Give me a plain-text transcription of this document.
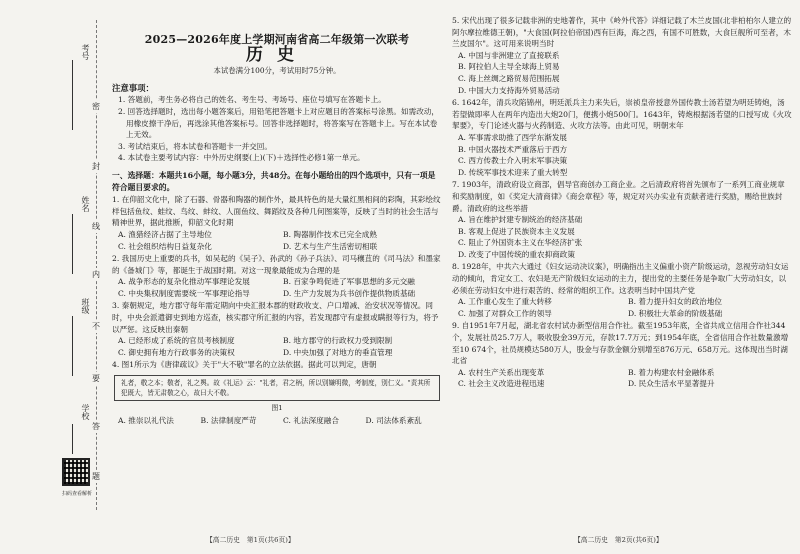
考号
姓名
班级
学校
密
封
线
内
不
要
答
题
扫码查看解析
2025—2026年度上学期河南省高二年级第一次联考
历史
本试卷满分100分，考试用时75分钟。
注意事项：
1. 答题前，考生务必将自己的姓名、考生号、考场号、座位号填写在答题卡上。
2. 回答选择题时，选出每小题答案后，用铅笔把答题卡上对应题目的答案标号涂黑。如需改动，用橡皮擦干净后，再选涂其他答案标号。回答非选择题时，将答案写在答题卡上。写在本试卷上无效。
3. 考试结束后，将本试卷和答题卡一并交回。
4. 本试卷主要考试内容：中外历史纲要(上)(下)＋选择性必修1第一单元。
一、选择题：本题共16小题，每小题3分，共48分。在每小题给出的四个选项中，只有一项是符合题目要求的。
1. 在仰韶文化中，除了石器、骨器和陶器的制作外，最具特色的是大量红黑相间的彩陶，其彩绘纹样包括鱼纹、蛙纹、鸟纹、蚌纹、人面鱼纹、舞蹈纹及各种几何图案等，反映了当时的社会生活与精神世界，据此推断，仰韶文化时期
A. 渔猎经济占据了主导地位	B. 陶器制作技术已完全成熟
C. 社会组织结构日益复杂化	D. 艺术与生产生活密切相联
2. 我国历史上重要的兵书，如吴起的《吴子》、孙武的《孙子兵法》、司马穰苴的《司马法》和墨家的《备城门》等，都诞生于战国时期。对这一现象最能成为合理的是
A. 战争形态的复杂化推动军事理论发展	B. 百家争鸣促进了军事思想的多元交融
C. 中央集权制度需要统一军事理论指导	D. 生产力发展为兵书创作提供物质基础
3. 秦朝规定，地方郡守每年需定期向中央汇报本郡的财政收支、户口增减、治安状况等情况。同时，中央会派遣御史到地方巡查，核实郡守所汇报的内容，若发现郡守有虚报或瞒报等行为，将予以严惩。这反映出秦朝
A. 已经形成了系统的官员考核制度	B. 地方郡守的行政权力受到限制
C. 御史拥有地方行政事务的决策权	D. 中央加强了对地方的垂直管理
4. 图1所示为《唐律疏议》关于"大不敬"罪名的立法依据。据此可以判定，唐朝
礼者，敬之本；敬者，礼之舆。故《礼运》云："礼者，君之柄，所以别嫌明微，考制度，别仁义。"责其所犯既大，皆无肃敬之心，故曰大不敬。
图1
A. 推崇以礼代法	B. 法律制度严苛	C. 礼法深度融合	D. 司法体系紊乱
5. 宋代出现了很多记载非洲的史地著作，其中《岭外代答》详细记载了木兰皮国(北非柏柏尔人建立的阿尔摩拉维德王朝)，"大食国(阿拉伯帝国)西有巨海，海之西，有国不可胜数，大食巨舰所可至者，木兰皮国尔"。这可用来说明当时
A. 中国与非洲建立了直接联系
B. 阿拉伯人主导全球海上贸易
C. 海上丝绸之路贸易范围拓展
D. 中国大力支持海外贸易活动
6. 1642年，清兵攻陷锦州，明廷派兵主力来失后，崇祯皇帝授意外国传教士汤若望为明廷铸炮，汤若望做即率人在两年内造出大炮20门，便携小炮500门。1643年，铸炮根据汤若望的口授写成《火攻挈要》，专门论述火器与火药制造、火攻方法等。由此可见，明朝末年
A. 军事需求助推了西学东渐发展
B. 中国火器技术严重落后于西方
C. 西方传教士介入明末军事决策
D. 传统军事技术迎来了重大转型
7. 1903年，清政府设立商部，倡导官商创办工商企业。之后清政府将首先颁布了一系列工商业规章和奖励制度，如《奖定大清商律》《商会章程》等，规定对兴办实业有贡献者进行奖励，赐给世族封爵。清政府的这些举措
A. 旨在维护封建专制统治的经济基础
B. 客观上促进了民族资本主义发展
C. 阻止了外国资本主义在华经济扩张
D. 改变了中国传统的重农抑商政策
8. 1928年，中共六大通过《妇女运动决议案》，明确指出主义偏重小资产阶级运动，忽视劳动妇女运动的倾向，肯定女工、农妇是无产阶级妇女运动的主力，提出党的主要任务是争取广大劳动妇女，以必须在劳动妇女中进行艰苦的、经常的组织工作。这表明当时中国共产党
A. 工作重心发生了重大转移	B. 着力提升妇女的政治地位
C. 加强了对群众工作的领导	D. 积极壮大革命的阶级基础
9. 自1951年7月起，湖北省农村试办新型信用合作社。截至1953年底，全省共成立信用合作社344个，发展社员25.7万人，吸收股金39万元，存款17.7万元；到1954年底，全省信用合作社数量激增至10 674个，社员规模达580万人，股金与存款金额分别增至876万元、658万元。这体现出当时湖北省
A. 农村生产关系出现变革	B. 着力构建农村金融体系
C. 社会主义改造进程迅速	D. 民众生活水平显著提升
【高二历史　第1页(共6页)】	【高二历史　第2页(共6页)】
